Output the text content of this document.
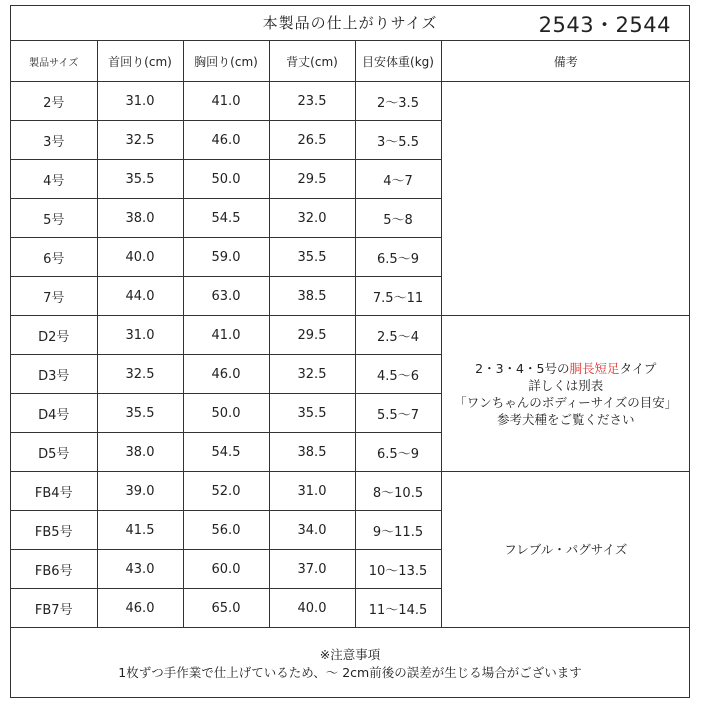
本製品の仕上がりサイズ	2543・2544
製品サイズ	首回り(cm)	胸回り(cm)	背丈(cm)	目安体重(kg)	備考
2号	31.0	41.0	23.5	2〜3.5	
3号	32.5	46.0	26.5	3〜5.5	
4号	35.5	50.0	29.5	4〜7	
5号	38.0	54.5	32.0	5〜8	
6号	40.0	59.0	35.5	6.5〜9	
7号	44.0	63.0	38.5	7.5〜11	
D2号	31.0	41.0	29.5	2.5〜4	2・3・4・5号の胴長短足タイプ
詳しくは別表
「ワンちゃんのボディーサイズの目安」
参考犬種をご覧ください

D3号	32.5	46.0	32.5	4.5〜6	
D4号	35.5	50.0	35.5	5.5〜7	
D5号	38.0	54.5	38.5	6.5〜9	
FB4号	39.0	52.0	31.0	8〜10.5	フレブル・パグサイズ
FB5号	41.5	56.0	34.0	9〜11.5	
FB6号	43.0	60.0	37.0	10〜13.5	
FB7号	46.0	65.0	40.0	11〜14.5	
※注意事項
1枚ずつ手作業で仕上げているため、〜 2cm前後の誤差が生じる場合がございます
